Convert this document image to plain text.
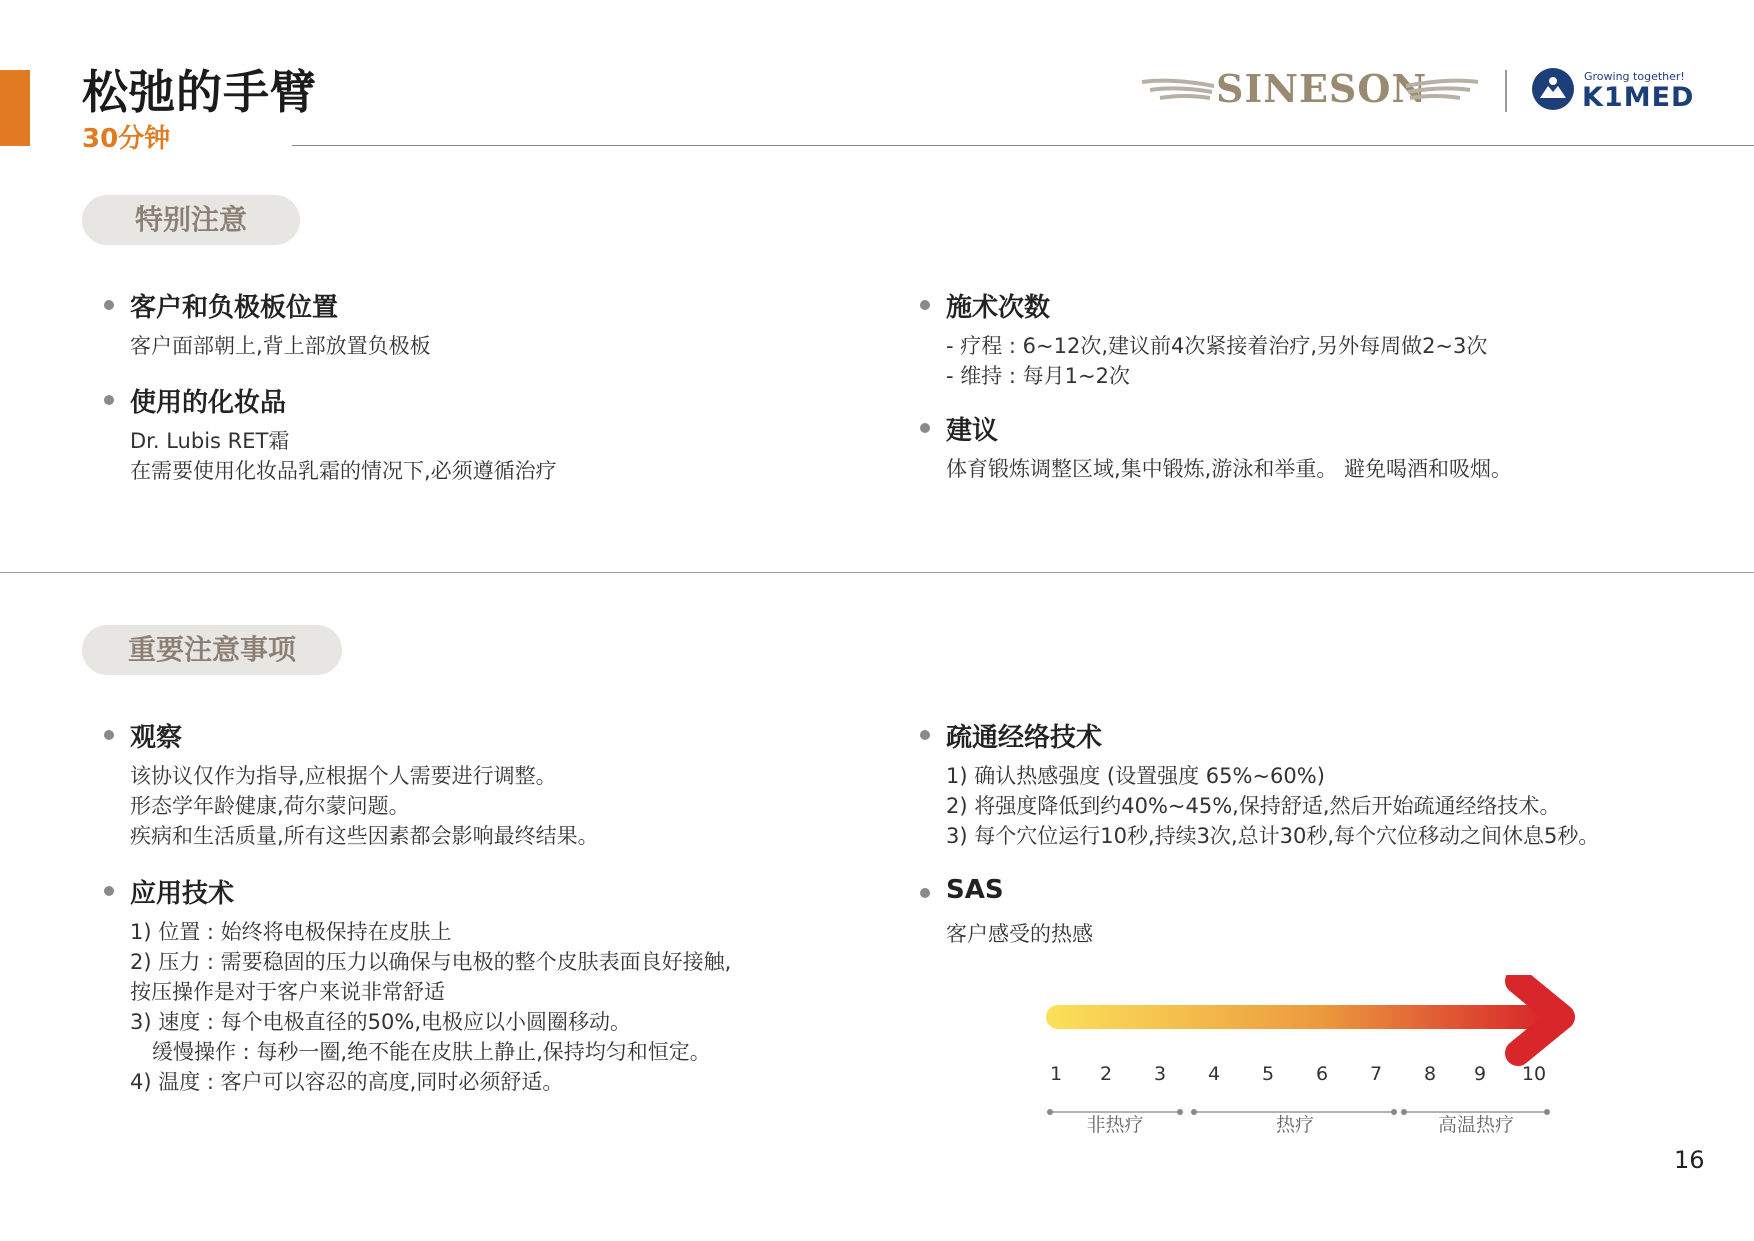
松弛的手臂
30分钟
SINESON	Growing together!
K1MED
特别注意
客户和负极板位置
客户面部朝上,背上部放置负极板
使用的化妆品
Dr. Lubis RET霜
在需要使用化妆品乳霜的情况下,必须遵循治疗
施术次数
- 疗程 : 6~12次,建议前4次紧接着治疗,另外每周做2~3次
- 维持 : 每月1~2次
建议
体育锻炼调整区域,集中锻炼,游泳和举重。 避免喝酒和吸烟。
重要注意事项
观察
该协议仅作为指导,应根据个人需要进行调整。
形态学年龄健康,荷尔蒙问题。
疾病和生活质量,所有这些因素都会影响最终结果。
应用技术
1) 位置 : 始终将电极保持在皮肤上
2) 压力 : 需要稳固的压力以确保与电极的整个皮肤表面良好接触,
按压操作是对于客户来说非常舒适
3) 速度 : 每个电极直径的50%,电极应以小圆圈移动。
缓慢操作 : 每秒一圈,绝不能在皮肤上静止,保持均匀和恒定。
4) 温度 : 客户可以容忍的高度,同时必须舒适。
疏通经络技术
1) 确认热感强度 (设置强度 65%~60%)
2) 将强度降低到约40%~45%,保持舒适,然后开始疏通经络技术。
3) 每个穴位运行10秒,持续3次,总计30秒,每个穴位移动之间休息5秒。
SAS
客户感受的热感
1 2 3 4 5 6 7 8 9 10
非热疗	热疗	高温热疗
16
